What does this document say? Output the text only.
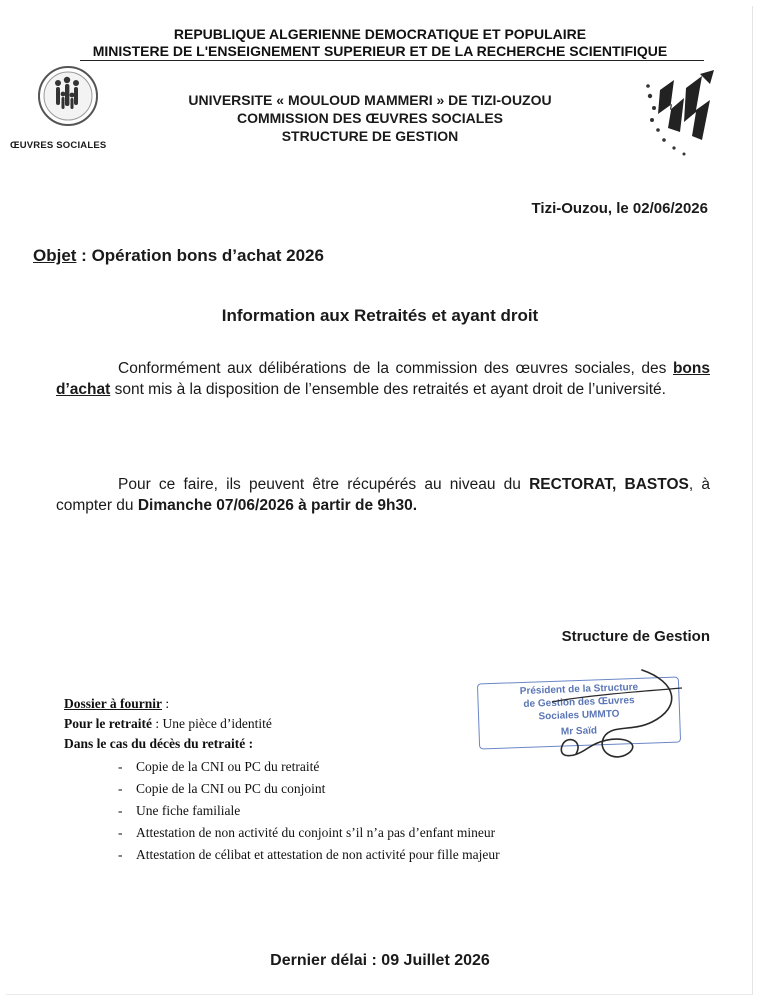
REPUBLIQUE ALGERIENNE DEMOCRATIQUE ET POPULAIRE
MINISTERE DE L'ENSEIGNEMENT SUPERIEUR ET DE LA RECHERCHE SCIENTIFIQUE
ŒUVRES SOCIALES
UNIVERSITE « MOULOUD MAMMERI » DE TIZI-OUZOU
COMMISSION DES ŒUVRES SOCIALES
STRUCTURE DE GESTION
Tizi-Ouzou, le 02/06/2026
Objet : Opération bons d’achat 2026
Information aux Retraités et ayant droit
Conformément aux délibérations de la commission des œuvres sociales, des bons d’achat sont mis à la disposition de l’ensemble des retraités et ayant droit de l’université.
Pour ce faire, ils peuvent être récupérés au niveau du RECTORAT, BASTOS, à compter du Dimanche 07/06/2026 à partir de 9h30.
Structure de Gestion
Président de la Structure
de Gestion des Œuvres
Sociales UMMTO
Mr Saïd
Dossier à fournir :
Pour le retraité : Une pièce d’identité
Dans le cas du décès du retraité :
- Copie de la CNI ou PC du retraité
- Copie de la CNI ou PC du conjoint
- Une fiche familiale
- Attestation de non activité du conjoint s’il n’a pas d’enfant mineur
- Attestation de célibat et attestation de non activité pour fille majeur
Dernier délai : 09 Juillet 2026
